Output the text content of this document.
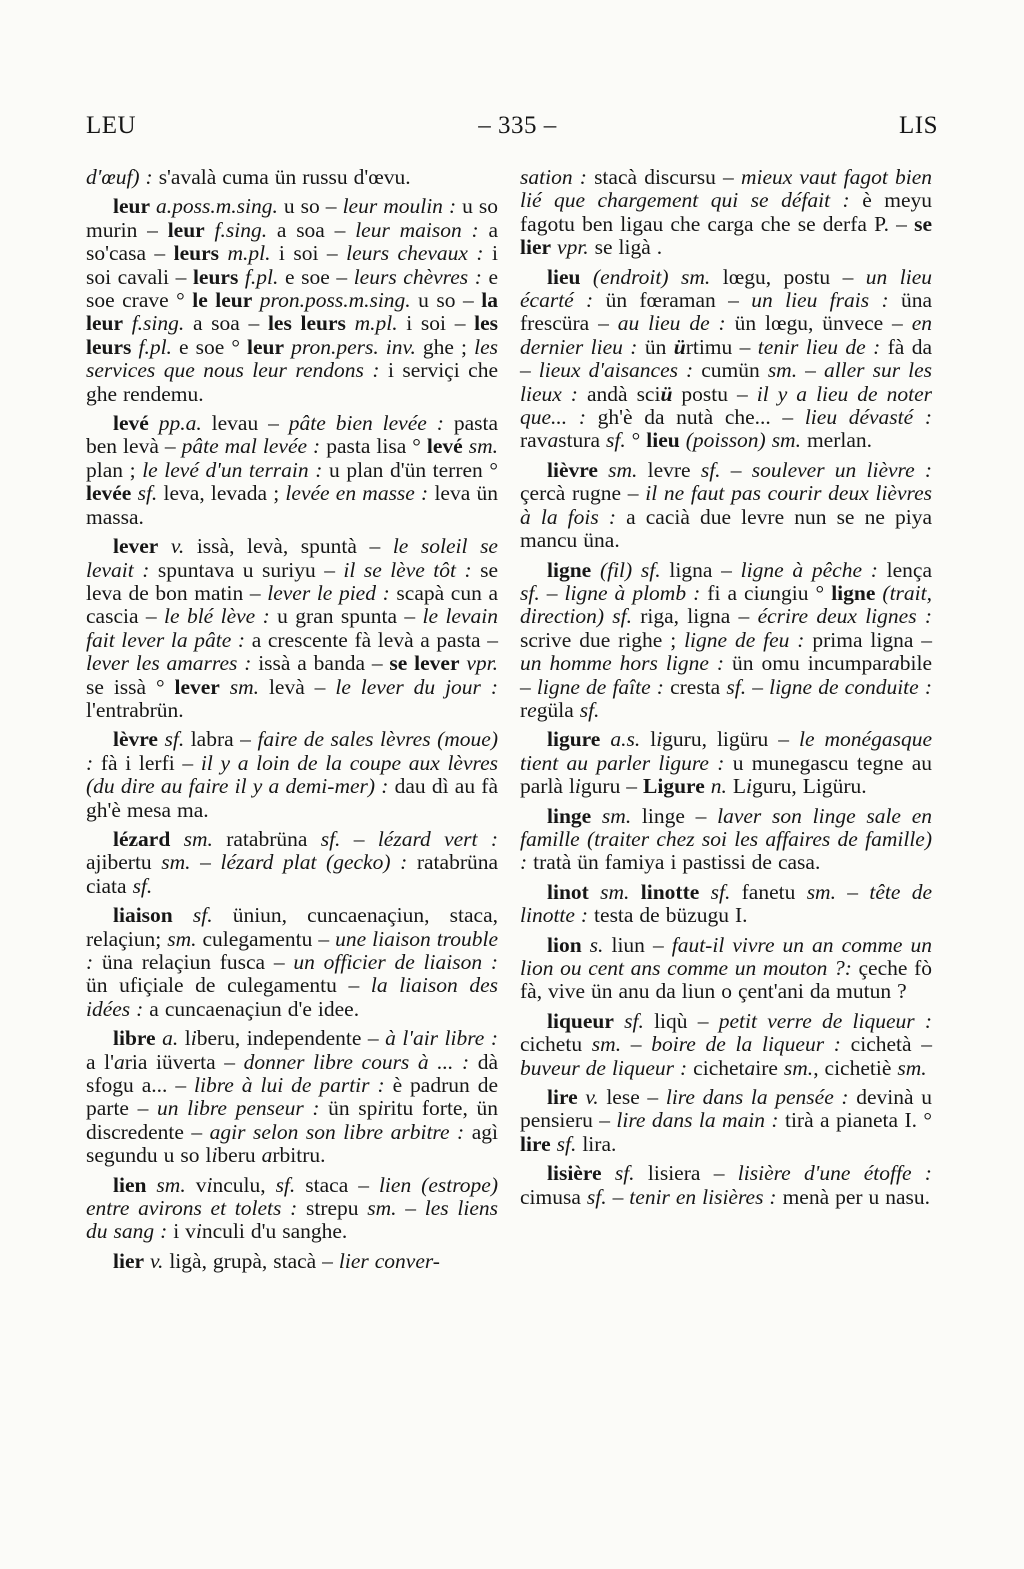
LEU	– 335 –	LIS

d'œuf) : s'avalà cuma ün russu d'œvu.

leur a.poss.m.sing. u so – leur moulin : u so murin – leur f.sing. a soa – leur maison : a so'casa – leurs m.pl. i soi – leurs chevaux : i soi cavali – leurs f.pl. e soe – leurs chèvres : e soe crave ° le leur pron.poss.m.sing. u so – la leur f.sing. a soa – les leurs m.pl. i soi – les leurs f.pl. e soe ° leur pron.pers. inv. ghe ; les services que nous leur rendons : i serviçi che ghe rendemu.

levé pp.a. levau – pâte bien levée : pasta ben levà – pâte mal levée : pasta lisa ° levé sm. plan ; le levé d'un terrain : u plan d'ün terren ° levée sf. leva, levada ; levée en masse : leva ün massa.

lever v. issà, levà, spuntà – le soleil se levait : spuntava u suriyu – il se lève tôt : se leva de bon matin – lever le pied : scapà cun a cascia – le blé lève : u gran spunta – le levain fait lever la pâte : a crescente fà levà a pasta – lever les amarres : issà a banda – se lever vpr. se issà ° lever sm. levà – le lever du jour : l'entrabrün.

lèvre sf. labra – faire de sales lèvres (moue) : fà i lerfi – il y a loin de la coupe aux lèvres (du dire au faire il y a demi-mer) : dau dì au fà gh'è mesa ma.

lézard sm. ratabrüna sf. – lézard vert : ajibertu sm. – lézard plat (gecko) : ratabrüna ciata sf.

liaison sf. üniun, cuncaenaçiun, staca, relaçiun; sm. culegamentu – une liaison trouble : üna relaçiun fusca – un officier de liaison : ün ufiçiale de culegamentu – la liaison des idées : a cuncaenaçiun d'e idee.

libre a. liberu, independente – à l'air libre : a l'aria iüverta – donner libre cours à ... : dà sfogu a... – libre à lui de partir : è padrun de parte – un libre penseur : ün spiritu forte, ün discredente – agir selon son libre arbitre : agì segundu u so liberu arbitru.

lien sm. vinculu, sf. staca – lien (estrope) entre avirons et tolets : strepu sm. – les liens du sang : i vinculi d'u sanghe.

lier v. ligà, grupà, stacà – lier conver-

sation : stacà discursu – mieux vaut fagot bien lié que chargement qui se défait : è meyu fagotu ben ligau che carga che se derfa P. – se lier vpr. se ligà .

lieu (endroit) sm. lœgu, postu – un lieu écarté : ün fœraman – un lieu frais : üna frescüra – au lieu de : ün lœgu, ünvece – en dernier lieu : ün ürtimu – tenir lieu de : fà da – lieux d'aisances : cumün sm. – aller sur les lieux : andà sciü postu – il y a lieu de noter que... : gh'è da nutà che... – lieu dévasté : ravastura sf. ° lieu (poisson) sm. merlan.

lièvre sm. levre sf. – soulever un lièvre : çercà rugne – il ne faut pas courir deux lièvres à la fois : a cacià due levre nun se ne piya mancu üna.

ligne (fil) sf. ligna – ligne à pêche : lença sf. – ligne à plomb : fi a ciungiu ° ligne (trait, direction) sf. riga, ligna – écrire deux lignes : scrive due righe ; ligne de feu : prima ligna – un homme hors ligne : ün omu incumparabile – ligne de faîte : cresta sf. – ligne de conduite : regüla sf.

ligure a.s. liguru, ligüru – le monégasque tient au parler ligure : u munegascu tegne au parlà liguru – Ligure n. Liguru, Ligüru.

linge sm. linge – laver son linge sale en famille (traiter chez soi les affaires de famille) : tratà ün famiya i pastissi de casa.

linot sm. linotte sf. fanetu sm. – tête de linotte : testa de büzugu I.

lion s. liun – faut-il vivre un an comme un lion ou cent ans comme un mouton ?: çeche fò fà, vive ün anu da liun o çent'ani da mutun ?

liqueur sf. liqù – petit verre de liqueur : cichetu sm. – boire de la liqueur : cichetà – buveur de liqueur : cichetaire sm., cichetiè sm.

lire v. lese – lire dans la pensée : devinà u pensieru – lire dans la main : tirà a pianeta I. ° lire sf. lira.

lisière sf. lisiera – lisière d'une étoffe : cimusa sf. – tenir en lisières : menà per u nasu.
